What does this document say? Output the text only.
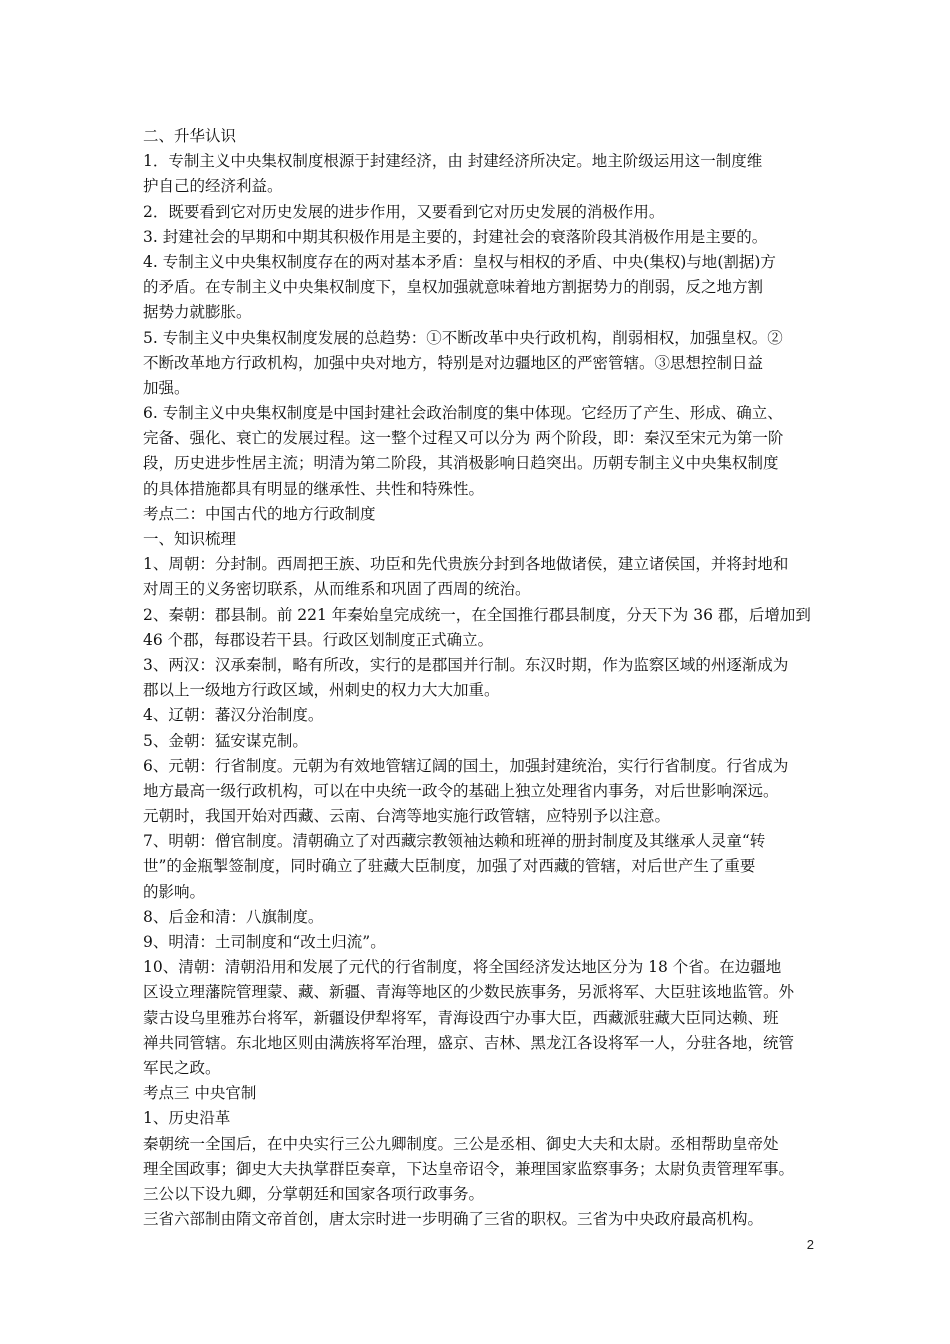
二、升华认识
1．专制主义中央集权制度根源于封建经济，由 封建经济所决定。地主阶级运用这一制度维
护自己的经济利益。
2．既要看到它对历史发展的进步作用，又要看到它对历史发展的消极作用。
3. 封建社会的早期和中期其积极作用是主要的，封建社会的衰落阶段其消极作用是主要的。
4. 专制主义中央集权制度存在的两对基本矛盾：皇权与相权的矛盾、中央(集权)与地(割据)方
的矛盾。在专制主义中央集权制度下，皇权加强就意味着地方割据势力的削弱，反之地方割
据势力就膨胀。
5. 专制主义中央集权制度发展的总趋势：①不断改革中央行政机构，削弱相权，加强皇权。②
不断改革地方行政机构，加强中央对地方，特别是对边疆地区的严密管辖。③思想控制日益
加强。
6. 专制主义中央集权制度是中国封建社会政治制度的集中体现。它经历了产生、形成、确立、
完备、强化、衰亡的发展过程。这一整个过程又可以分为 两个阶段，即：秦汉至宋元为第一阶
段，历史进步性居主流；明清为第二阶段，其消极影响日趋突出。历朝专制主义中央集权制度
的具体措施都具有明显的继承性、共性和特殊性。
考点二：中国古代的地方行政制度
一、知识梳理
1、周朝：分封制。西周把王族、功臣和先代贵族分封到各地做诸侯，建立诸侯国，并将封地和
对周王的义务密切联系，从而维系和巩固了西周的统治。
2、秦朝：郡县制。前 221 年秦始皇完成统一，在全国推行郡县制度，分天下为 36 郡，后增加到
46 个郡，每郡设若干县。行政区划制度正式确立。
3、两汉：汉承秦制，略有所改，实行的是郡国并行制。东汉时期，作为监察区域的州逐渐成为
郡以上一级地方行政区域，州刺史的权力大大加重。
4、辽朝：蕃汉分治制度。
5、金朝：猛安谋克制。
6、元朝：行省制度。元朝为有效地管辖辽阔的国土，加强封建统治，实行行省制度。行省成为
地方最高一级行政机构，可以在中央统一政令的基础上独立处理省内事务，对后世影响深远。
元朝时，我国开始对西藏、云南、台湾等地实施行政管辖，应特别予以注意。
7、明朝：僧官制度。清朝确立了对西藏宗教领袖达赖和班禅的册封制度及其继承人灵童“转
世”的金瓶掣签制度，同时确立了驻藏大臣制度，加强了对西藏的管辖，对后世产生了重要
的影响。
8、后金和清：八旗制度。
9、明清：土司制度和“改土归流”。
10、清朝：清朝沿用和发展了元代的行省制度，将全国经济发达地区分为 18 个省。在边疆地
区设立理藩院管理蒙、藏、新疆、青海等地区的少数民族事务，另派将军、大臣驻该地监管。外
蒙古设乌里雅苏台将军，新疆设伊犁将军，青海设西宁办事大臣，西藏派驻藏大臣同达赖、班
禅共同管辖。东北地区则由满族将军治理，盛京、吉林、黑龙江各设将军一人，分驻各地，统管
军民之政。
考点三 中央官制
1、历史沿革
秦朝统一全国后，在中央实行三公九卿制度。三公是丞相、御史大夫和太尉。丞相帮助皇帝处
理全国政事；御史大夫执掌群臣奏章，下达皇帝诏令，兼理国家监察事务；太尉负责管理军事。
三公以下设九卿，分掌朝廷和国家各项行政事务。
三省六部制由隋文帝首创，唐太宗时进一步明确了三省的职权。三省为中央政府最高机构。
2
